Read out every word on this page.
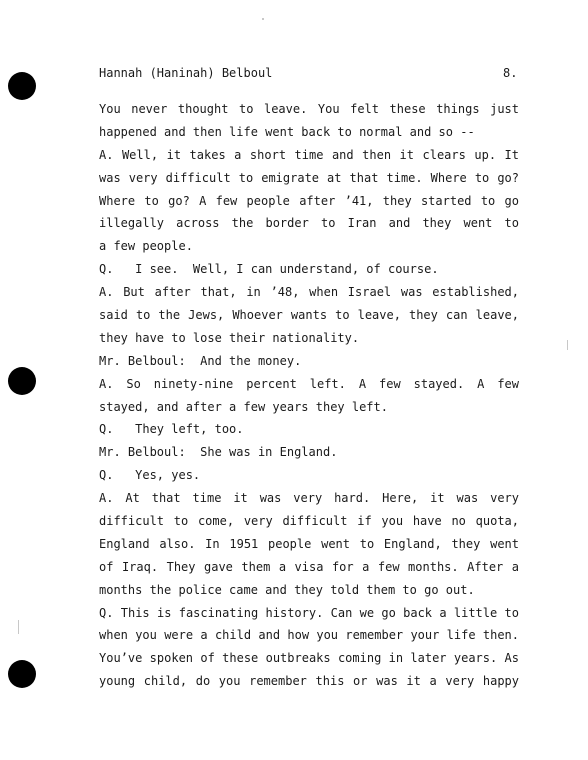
Hannah (Haninah) Belboul	8.
You never thought to leave. You felt these things just
happened and then life went back to normal and so --
A. Well, it takes a short time and then it clears up. It
was very difficult to emigrate at that time. Where to go?
Where to go? A few people after ’41, they started to go
illegally across the border to Iran and they went to
a few people.
Q.   I see.  Well, I can understand, of course.
A. But after that, in ’48, when Israel was established,
said to the Jews, Whoever wants to leave, they can leave,
they have to lose their nationality.
Mr. Belboul:  And the money.
A. So ninety-nine percent left. A few stayed. A few
stayed, and after a few years they left.
Q.   They left, too.
Mr. Belboul:  She was in England.
Q.   Yes, yes.
A. At that time it was very hard. Here, it was very
difficult to come, very difficult if you have no quota,
England also. In 1951 people went to England, they went
of Iraq. They gave them a visa for a few months. After a
months the police came and they told them to go out.
Q. This is fascinating history. Can we go back a little to
when you were a child and how you remember your life then.
You’ve spoken of these outbreaks coming in later years. As
young child, do you remember this or was it a very happy
